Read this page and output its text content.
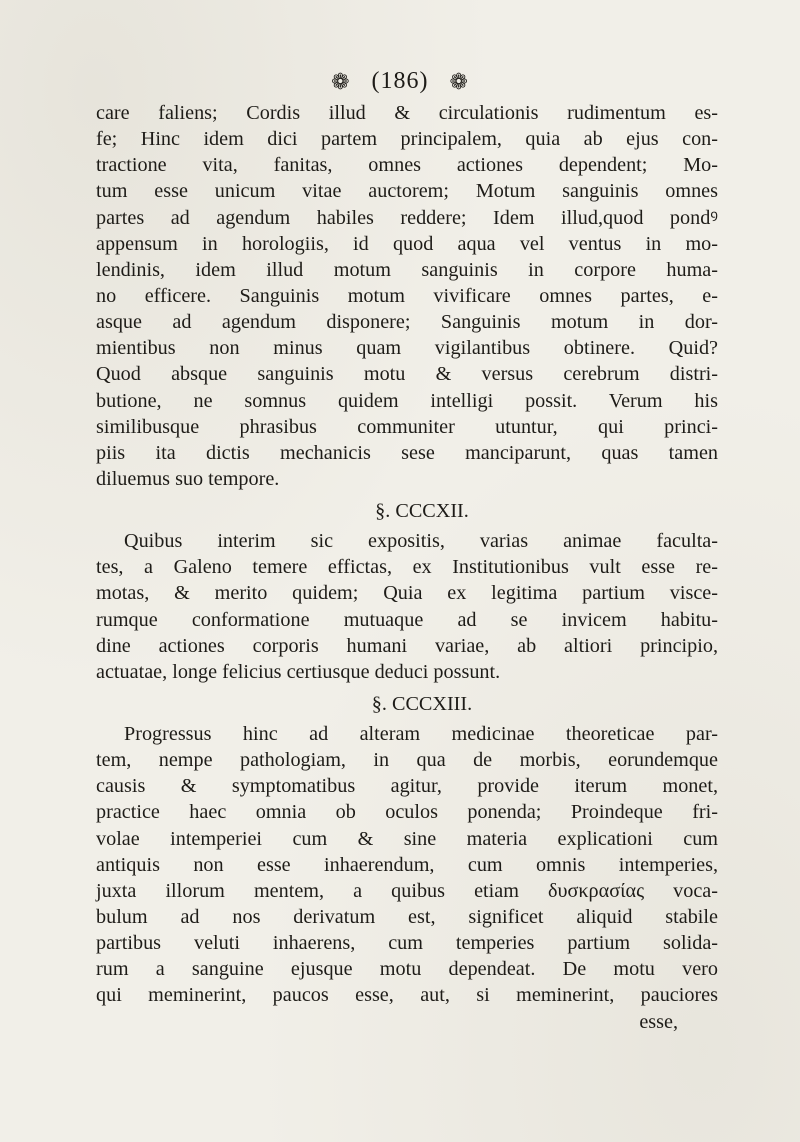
❁ (186) ❁
care faliens; Cordis illud & circulationis rudimentum es-
fe; Hinc idem dici partem principalem, quia ab ejus con-
tractione vita, fanitas, omnes actiones dependent; Mo-
tum esse unicum vitae auctorem; Motum sanguinis omnes
partes ad agendum habiles reddere; Idem illud,quod pondꝰ
appensum in horologiis, id quod aqua vel ventus in mo-
lendinis, idem illud motum sanguinis in corpore huma-
no efficere. Sanguinis motum vivificare omnes partes, e-
asque ad agendum disponere; Sanguinis motum in dor-
mientibus non minus quam vigilantibus obtinere. Quid?
Quod absque sanguinis motu & versus cerebrum distri-
butione, ne somnus quidem intelligi possit. Verum his
similibusque phrasibus communiter utuntur, qui princi-
piis ita dictis mechanicis sese manciparunt, quas tamen
diluemus suo tempore.
§. CCCXII.
Quibus interim sic expositis, varias animae faculta-
tes, a Galeno temere effictas, ex Institutionibus vult esse re-
motas, & merito quidem; Quia ex legitima partium visce-
rumque conformatione mutuaque ad se invicem habitu-
dine actiones corporis humani variae, ab altiori principio,
actuatae, longe felicius certiusque deduci possunt.
§. CCCXIII.
Progressus hinc ad alteram medicinae theoreticae par-
tem, nempe pathologiam, in qua de morbis, eorundemque
causis & symptomatibus agitur, provide iterum monet,
practice haec omnia ob oculos ponenda; Proindeque fri-
volae intemperiei cum & sine materia explicationi cum
antiquis non esse inhaerendum, cum omnis intemperies,
juxta illorum mentem, a quibus etiam δυσκρασίας voca-
bulum ad nos derivatum est, significet aliquid stabile
partibus veluti inhaerens, cum temperies partium solida-
rum a sanguine ejusque motu dependeat. De motu vero
qui meminerint, paucos esse, aut, si meminerint, pauciores
esse,
